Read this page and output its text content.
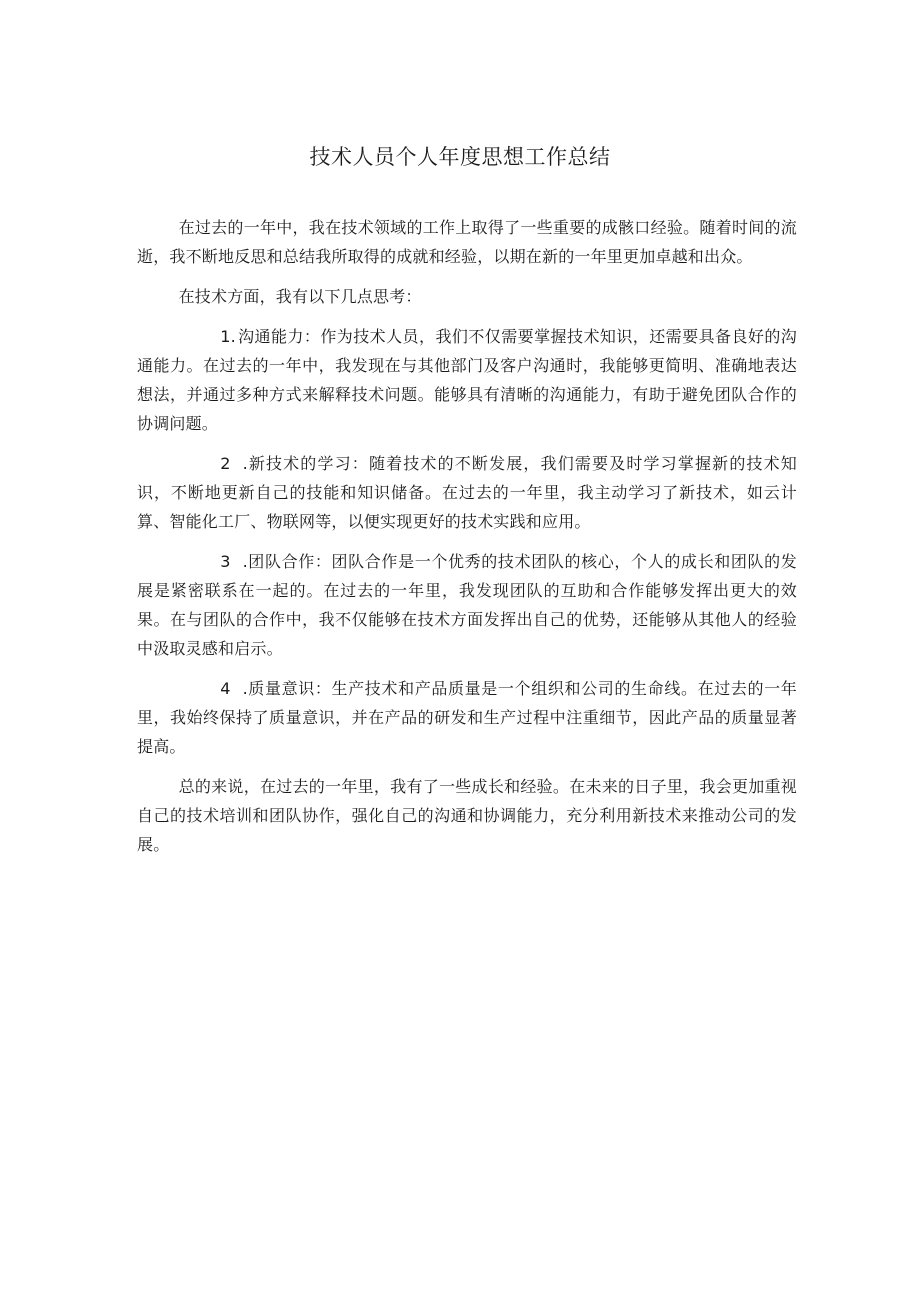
技术人员个人年度思想工作总结

在过去的一年中，我在技术领域的工作上取得了一些重要的成骸口经验。随着时间的流逝，我不断地反思和总结我所取得的成就和经验，以期在新的一年里更加卓越和出众。

在技术方面，我有以下几点思考：

1. 沟通能力：作为技术人员，我们不仅需要掌握技术知识，还需要具备良好的沟通能力。在过去的一年中，我发现在与其他部门及客户沟通时，我能够更简明、准确地表达想法，并通过多种方式来解释技术问题。能够具有清晰的沟通能力，有助于避免团队合作的协调问题。

2 .新技术的学习：随着技术的不断发展，我们需要及时学习掌握新的技术知识，不断地更新自己的技能和知识储备。在过去的一年里，我主动学习了新技术，如云计算、智能化工厂、物联网等，以便实现更好的技术实践和应用。

3 .团队合作：团队合作是一个优秀的技术团队的核心，个人的成长和团队的发展是紧密联系在一起的。在过去的一年里，我发现团队的互助和合作能够发挥出更大的效果。在与团队的合作中，我不仅能够在技术方面发挥出自己的优势，还能够从其他人的经验中汲取灵感和启示。

4 .质量意识：生产技术和产品质量是一个组织和公司的生命线。在过去的一年里，我始终保持了质量意识，并在产品的研发和生产过程中注重细节，因此产品的质量显著提高。

总的来说，在过去的一年里，我有了一些成长和经验。在未来的日子里，我会更加重视自己的技术培训和团队协作，强化自己的沟通和协调能力，充分利用新技术来推动公司的发展。
